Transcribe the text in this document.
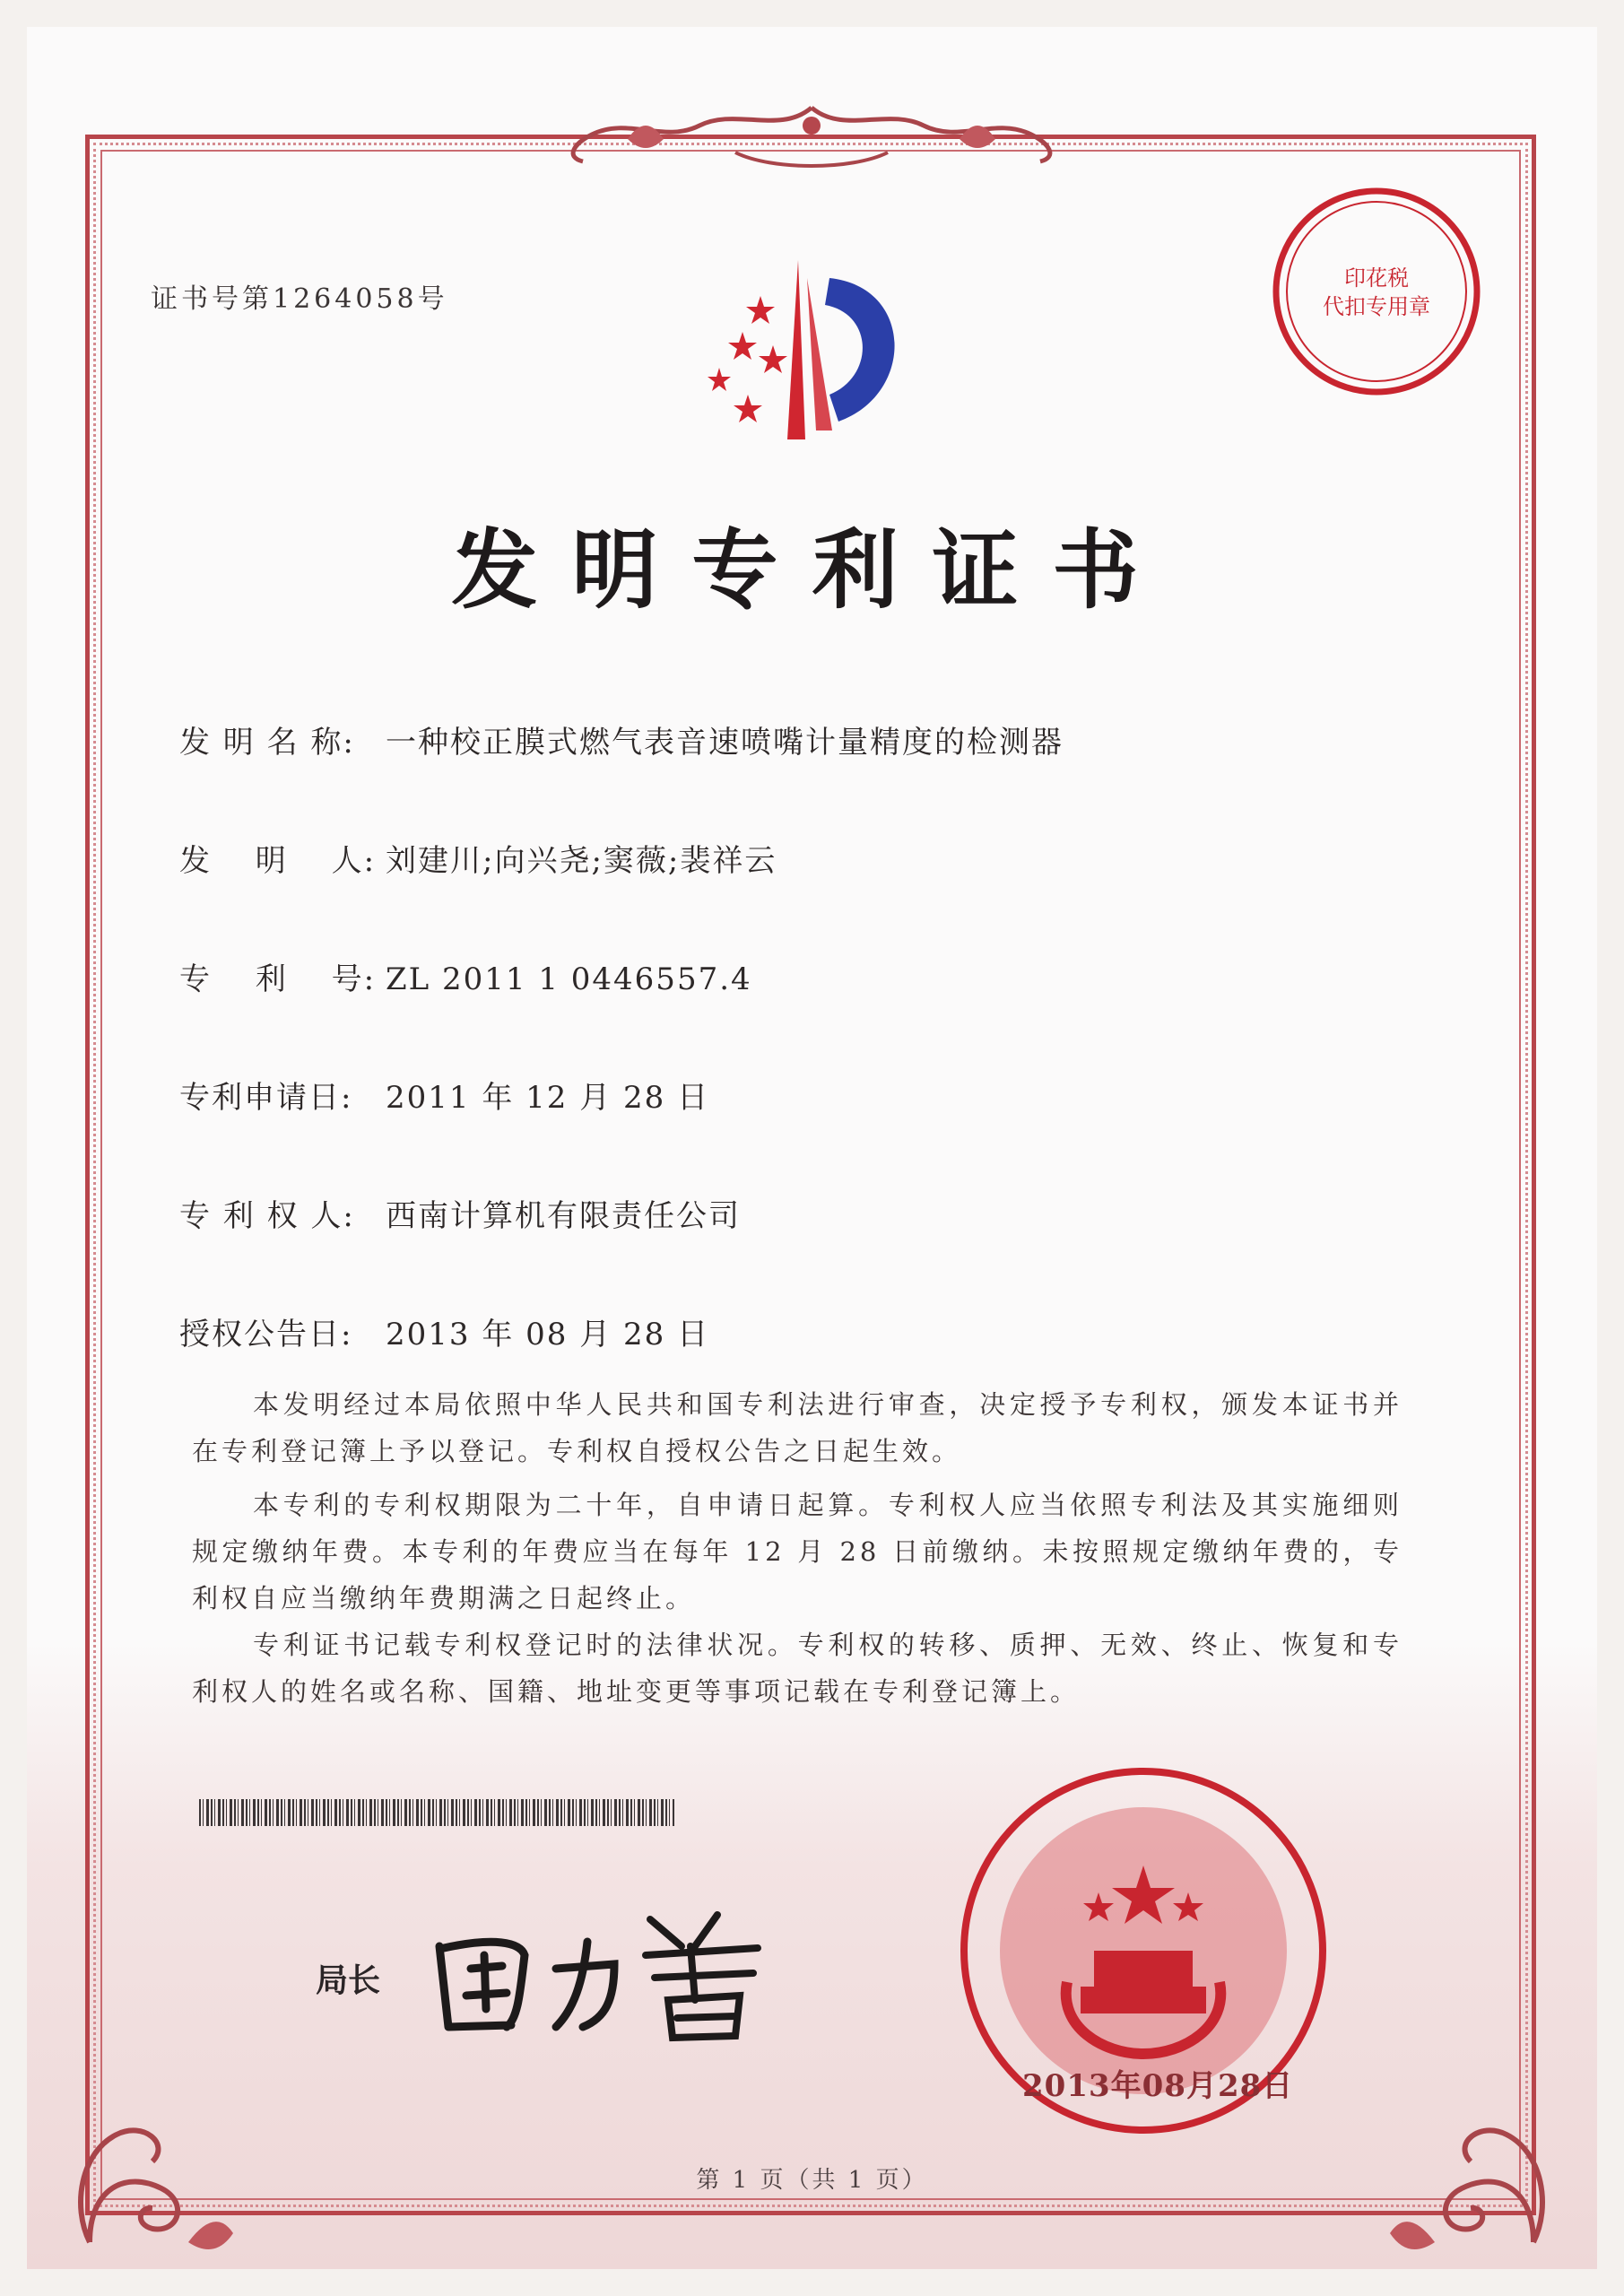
证书号第1264058号
印花税
代扣专用章
发明专利证书
发 明 名 称: 一种校正膜式燃气表音速喷嘴计量精度的检测器
发　 明　 人: 刘建川;向兴尧;窦薇;裴祥云
专　 利　 号: ZL 2011 1 0446557.4
专利申请日: 2011 年 12 月 28 日
专 利 权 人: 西南计算机有限责任公司
授权公告日: 2013 年 08 月 28 日
本发明经过本局依照中华人民共和国专利法进行审查，决定授予专利权，颁发本证书并在专利登记簿上予以登记。专利权自授权公告之日起生效。
本专利的专利权期限为二十年，自申请日起算。专利权人应当依照专利法及其实施细则规定缴纳年费。本专利的年费应当在每年 12 月 28 日前缴纳。未按照规定缴纳年费的，专利权自应当缴纳年费期满之日起终止。
专利证书记载专利权登记时的法律状况。专利权的转移、质押、无效、终止、恢复和专利权人的姓名或名称、国籍、地址变更等事项记载在专利登记簿上。
局长
2013年08月28日
第 1 页（共 1 页）
